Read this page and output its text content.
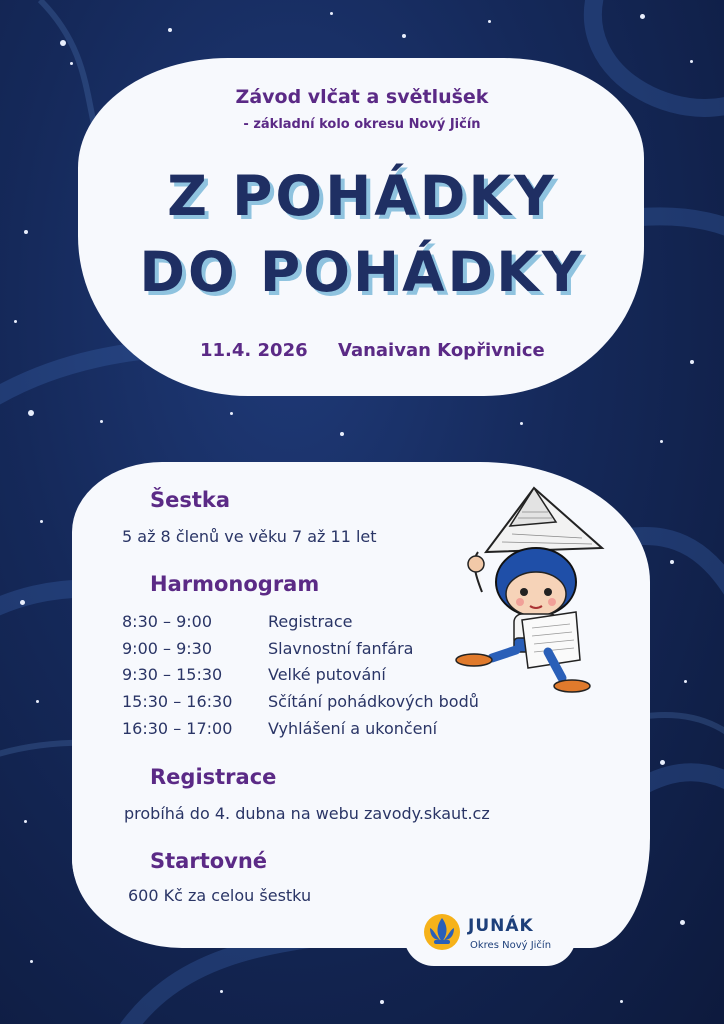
Závod vlčat a světlušek
- základní kolo okresu Nový Jičín
Z POHÁDKY
DO POHÁDKY
11.4. 2026 Vanaivan Kopřivnice
Šestka
5 až 8 členů ve věku 7 až 11 let
Harmonogram
8:30 – 9:00	Registrace
9:00 – 9:30	Slavnostní fanfára
9:30 – 15:30	Velké putování
15:30 – 16:30 Sčítání pohádkových bodů
16:30 – 17:00 Vyhlášení a ukončení
Registrace
probíhá do 4. dubna na webu zavody.skaut.cz
Startovné
600 Kč za celou šestku
JUNÁK
Okres Nový Jičín
